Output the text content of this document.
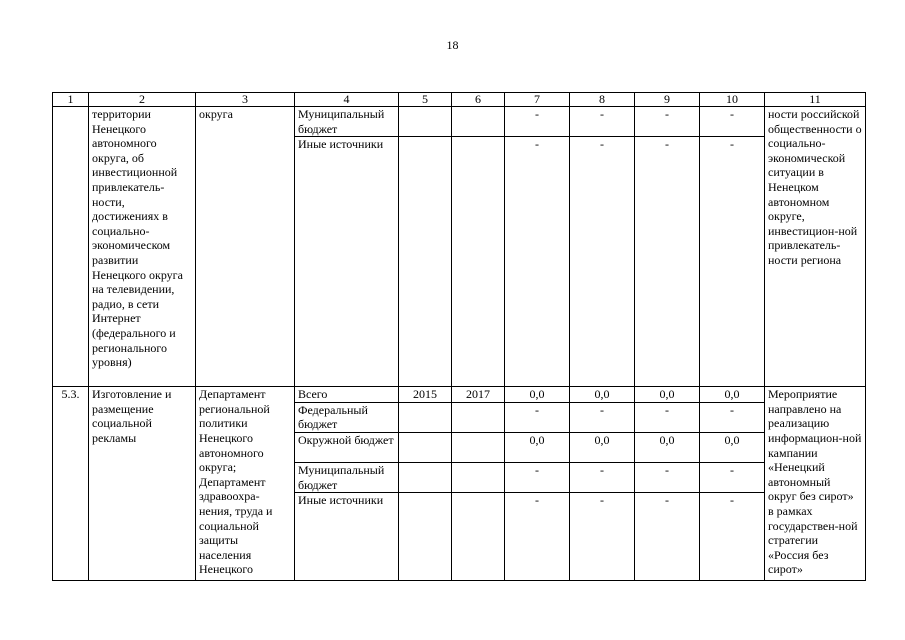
18
1	2	3	4	5	6	7	8	9	10	11
	территории Ненецкого автономного округа, об инвестиционной привлекатель-ности, достижениях в социально-экономическом развитии Ненецкого округа на телевидении, радио, в сети Интернет (федерального и регионального уровня)	округа	Муниципальный бюджет			-	-	-	-	ности российской общественности о социально-экономической ситуации в Ненецком автономном округе, инвестицион-ной привлекатель-ности региона
			Иные источники			-	-	-	-	
5.3.	Изготовление и размещение социальной рекламы	Департамент региональной политики Ненецкого автономного округа; Департамент здравоохра-нения, труда и социальной защиты населения Ненецкого	Всего	2015	2017	0,0	0,0	0,0	0,0	Мероприятие направлено на реализацию информацион-ной кампании «Ненецкий автономный округ без сирот» в рамках государствен-ной стратегии «Россия без сирот»
			Федеральный бюджет			-	-	-	-	
			Окружной бюджет			0,0	0,0	0,0	0,0	
			Муниципальный бюджет			-	-	-	-	
			Иные источники			-	-	-	-	
